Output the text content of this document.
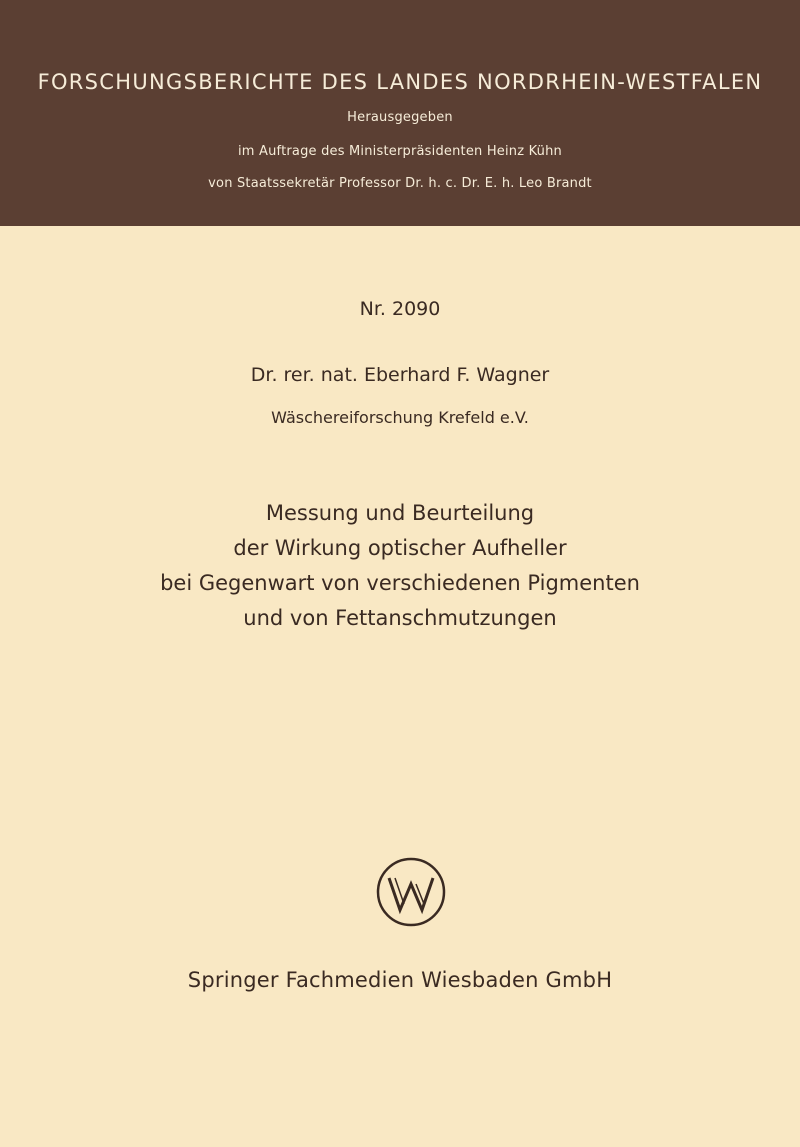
FORSCHUNGSBERICHTE DES LANDES NORDRHEIN-WESTFALEN
Herausgegeben
im Auftrage des Ministerpräsidenten Heinz Kühn
von Staatssekretär Professor Dr. h. c. Dr. E. h. Leo Brandt
Nr. 2090
Dr. rer. nat. Eberhard F. Wagner
Wäschereiforschung Krefeld e.V.
Messung und Beurteilung
der Wirkung optischer Aufheller
bei Gegenwart von verschiedenen Pigmenten
und von Fettanschmutzungen
Springer Fachmedien Wiesbaden GmbH
